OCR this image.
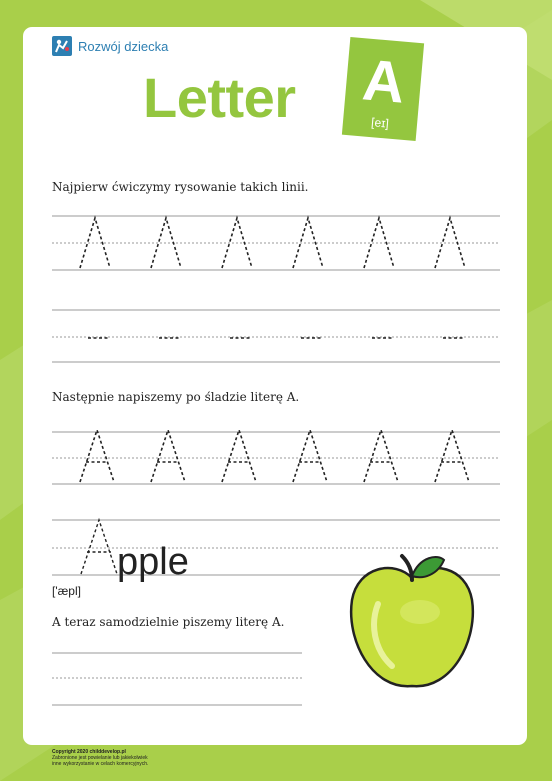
Rozwój dziecka
Letter A
[eɪ]

Najpierw ćwiczymy rysowanie takich linii.

pple

Następnie napiszemy po śladzie literę A.

['æpl]

A teraz samodzielnie piszemy literę A.

Copyright 2020 childdevelop.pl
Zabronione jest powielanie lub jakiekolwiek
inne wykorzystanie w celach komercyjnych.
